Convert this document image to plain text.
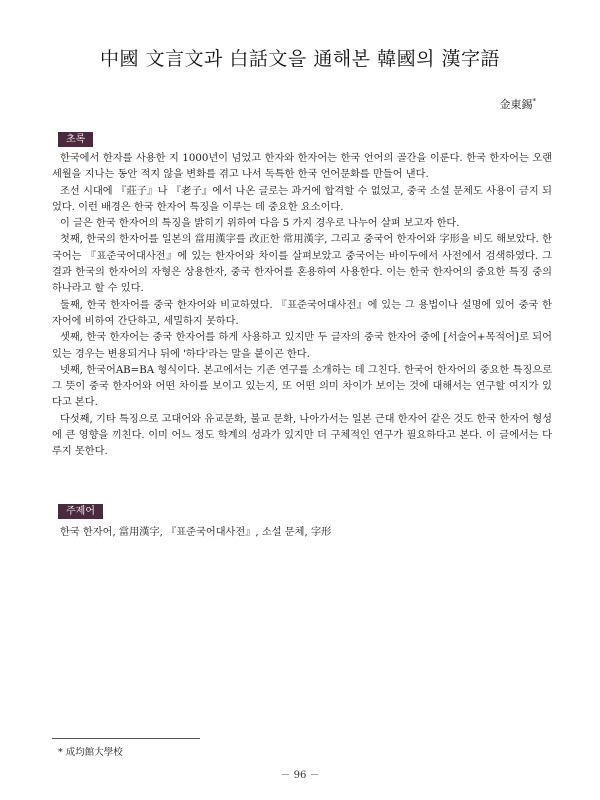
中國 文言文과 白話文을 通해본 韓國의 漢字語
金東錫*
초록

한국에서 한자를 사용한 지 1000년이 넘었고 한자와 한자어는 한국 언어의 골간을 이룬다. 한국 한자어는 오랜 세월을 지나는 동안 적지 않을 변화를 겪고 나서 독특한 한국 언어문화를 만들어 낸다.

조선 시대에 『莊子』나 『老子』에서 나온 글로는 과거에 합격할 수 없었고, 중국 소설 문체도 사용이 금지 되었다. 이런 배경은 한국 한자어 특징을 이루는 데 중요한 요소이다.

이 글은 한국 한자어의 특징을 밝히기 위하여 다음 5 가지 경우로 나누어 살펴 보고자 한다.

첫째, 한국의 한자어를 일본의 當用漢字를 改正한 常用漢字, 그리고 중국어 한자어와 字形을 비도 해보았다. 한국어는 『표준국어대사전』에 있는 한자어와 차이를 살펴보았고 중국어는 바이두에서 사전에서 검색하였다. 그 결과 한국의 한자어의 자형은 상용한자, 중국 한자어를 혼용하여 사용한다. 이는 한국 한자어의 중요한 특징 중의 하나라고 할 수 있다.

둘째, 한국 한자어를 중국 한자어와 비교하였다. 『표준국어대사전』에 있는 그 용법이나 설명에 있어 중국 한자어에 비하여 간단하고, 세밀하지 못하다.

셋째, 한국 한자어는 중국 한자어를 하게 사용하고 있지만 두 글자의 중국 한자어 중에 [서술어+목적어]로 되어 있는 경우는 변용되거나 뒤에 '하다'라는 말을 붙이곤 한다.

넷째, 한국어AB=BA 형식이다. 본고에서는 기존 연구를 소개하는 데 그친다. 한국어 한자어의 중요한 특징으로 그 뜻이 중국 한자어와 어떤 차이를 보이고 있는지, 또 어떤 의미 차이가 보이는 것에 대해서는 연구할 여지가 있다고 본다.

다섯째, 기타 특징으로 고대어와 유교문화, 불교 문화, 나아가서는 일본 근대 한자어 같은 것도 한국 한자어 형성에 큰 영향을 끼친다. 이미 어느 정도 학계의 성과가 있지만 더 구체적인 연구가 필요하다고 본다. 이 글에서는 다루지 못한다.

주제어
한국 한자어, 當用漢字, 『표준국어대사전』, 소설 문체, 字形
* 成均館大學校
－ 96 －
